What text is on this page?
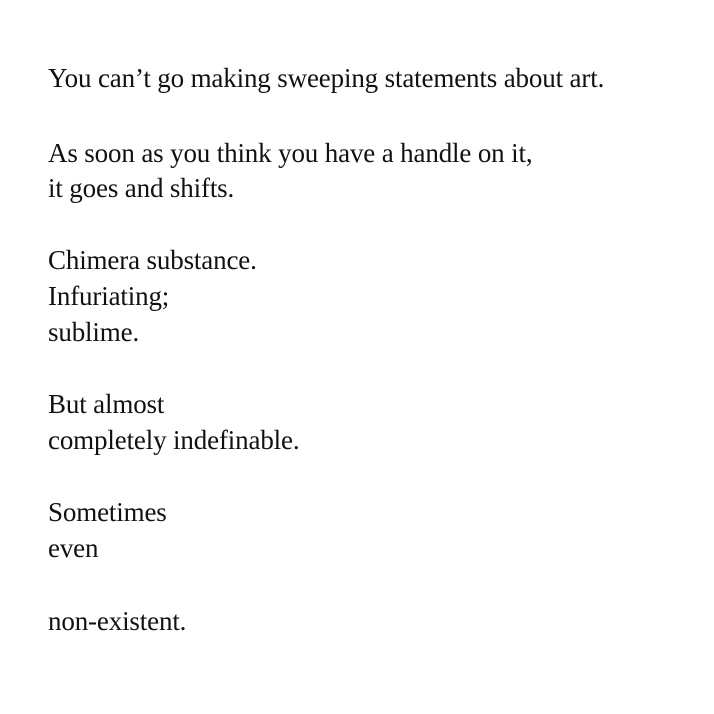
You can’t go making sweeping statements about art.

As soon as you think you have a handle on it,

it goes and shifts.

Chimera substance.

Infuriating;

sublime.

But almost

completely indefinable.

Sometimes

even

non-existent.
